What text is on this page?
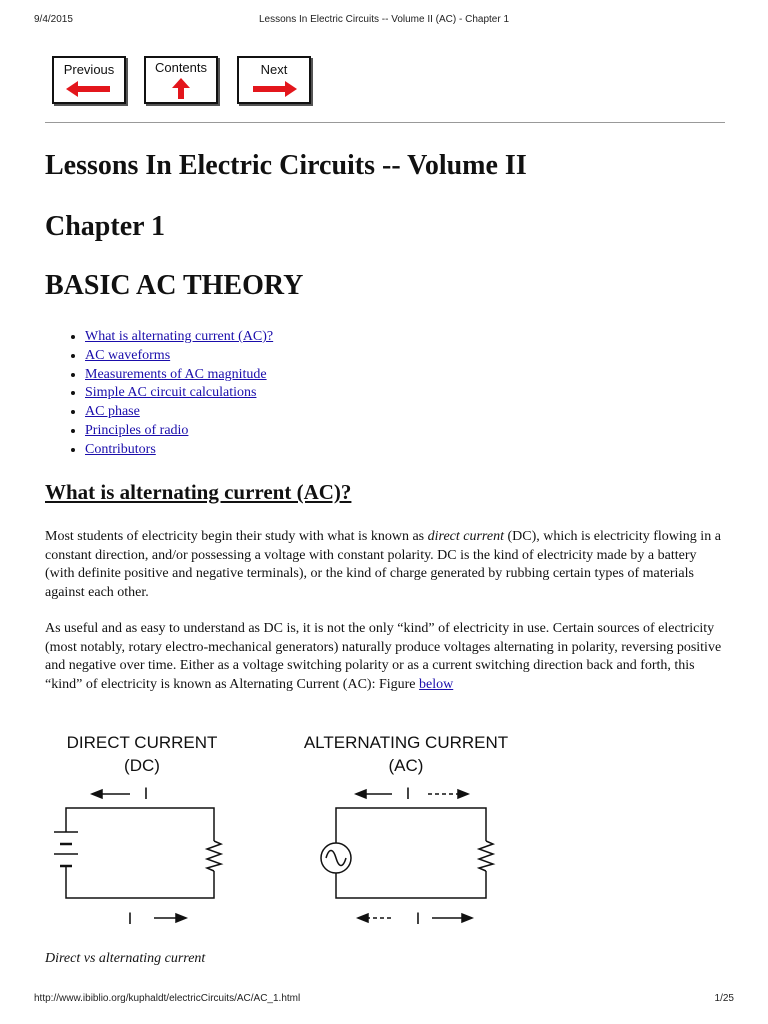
9/4/2015	Lessons In Electric Circuits -- Volume II (AC) - Chapter 1
Previous	Contents	Next
Lessons In Electric Circuits -- Volume II
Chapter 1
BASIC AC THEORY
• What is alternating current (AC)?
• AC waveforms
• Measurements of AC magnitude
• Simple AC circuit calculations
• AC phase
• Principles of radio
• Contributors
What is alternating current (AC)?

Most students of electricity begin their study with what is known as direct current (DC), which is electricity flowing in a constant direction, and/or possessing a voltage with constant polarity. DC is the kind of electricity made by a battery (with definite positive and negative terminals), or the kind of charge generated by rubbing certain types of materials against each other.

As useful and as easy to understand as DC is, it is not the only “kind” of electricity in use. Certain sources of electricity (most notably, rotary electro-mechanical generators) naturally produce voltages alternating in polarity, reversing positive and negative over time. Either as a voltage switching polarity or as a current switching direction back and forth, this “kind” of electricity is known as Alternating Current (AC): Figure below

DIRECT CURRENT
(DC)
ALTERNATING CURRENT
(AC)
I
I
I
I
Direct vs alternating current
http://www.ibiblio.org/kuphaldt/electricCircuits/AC/AC_1.html	1/25
